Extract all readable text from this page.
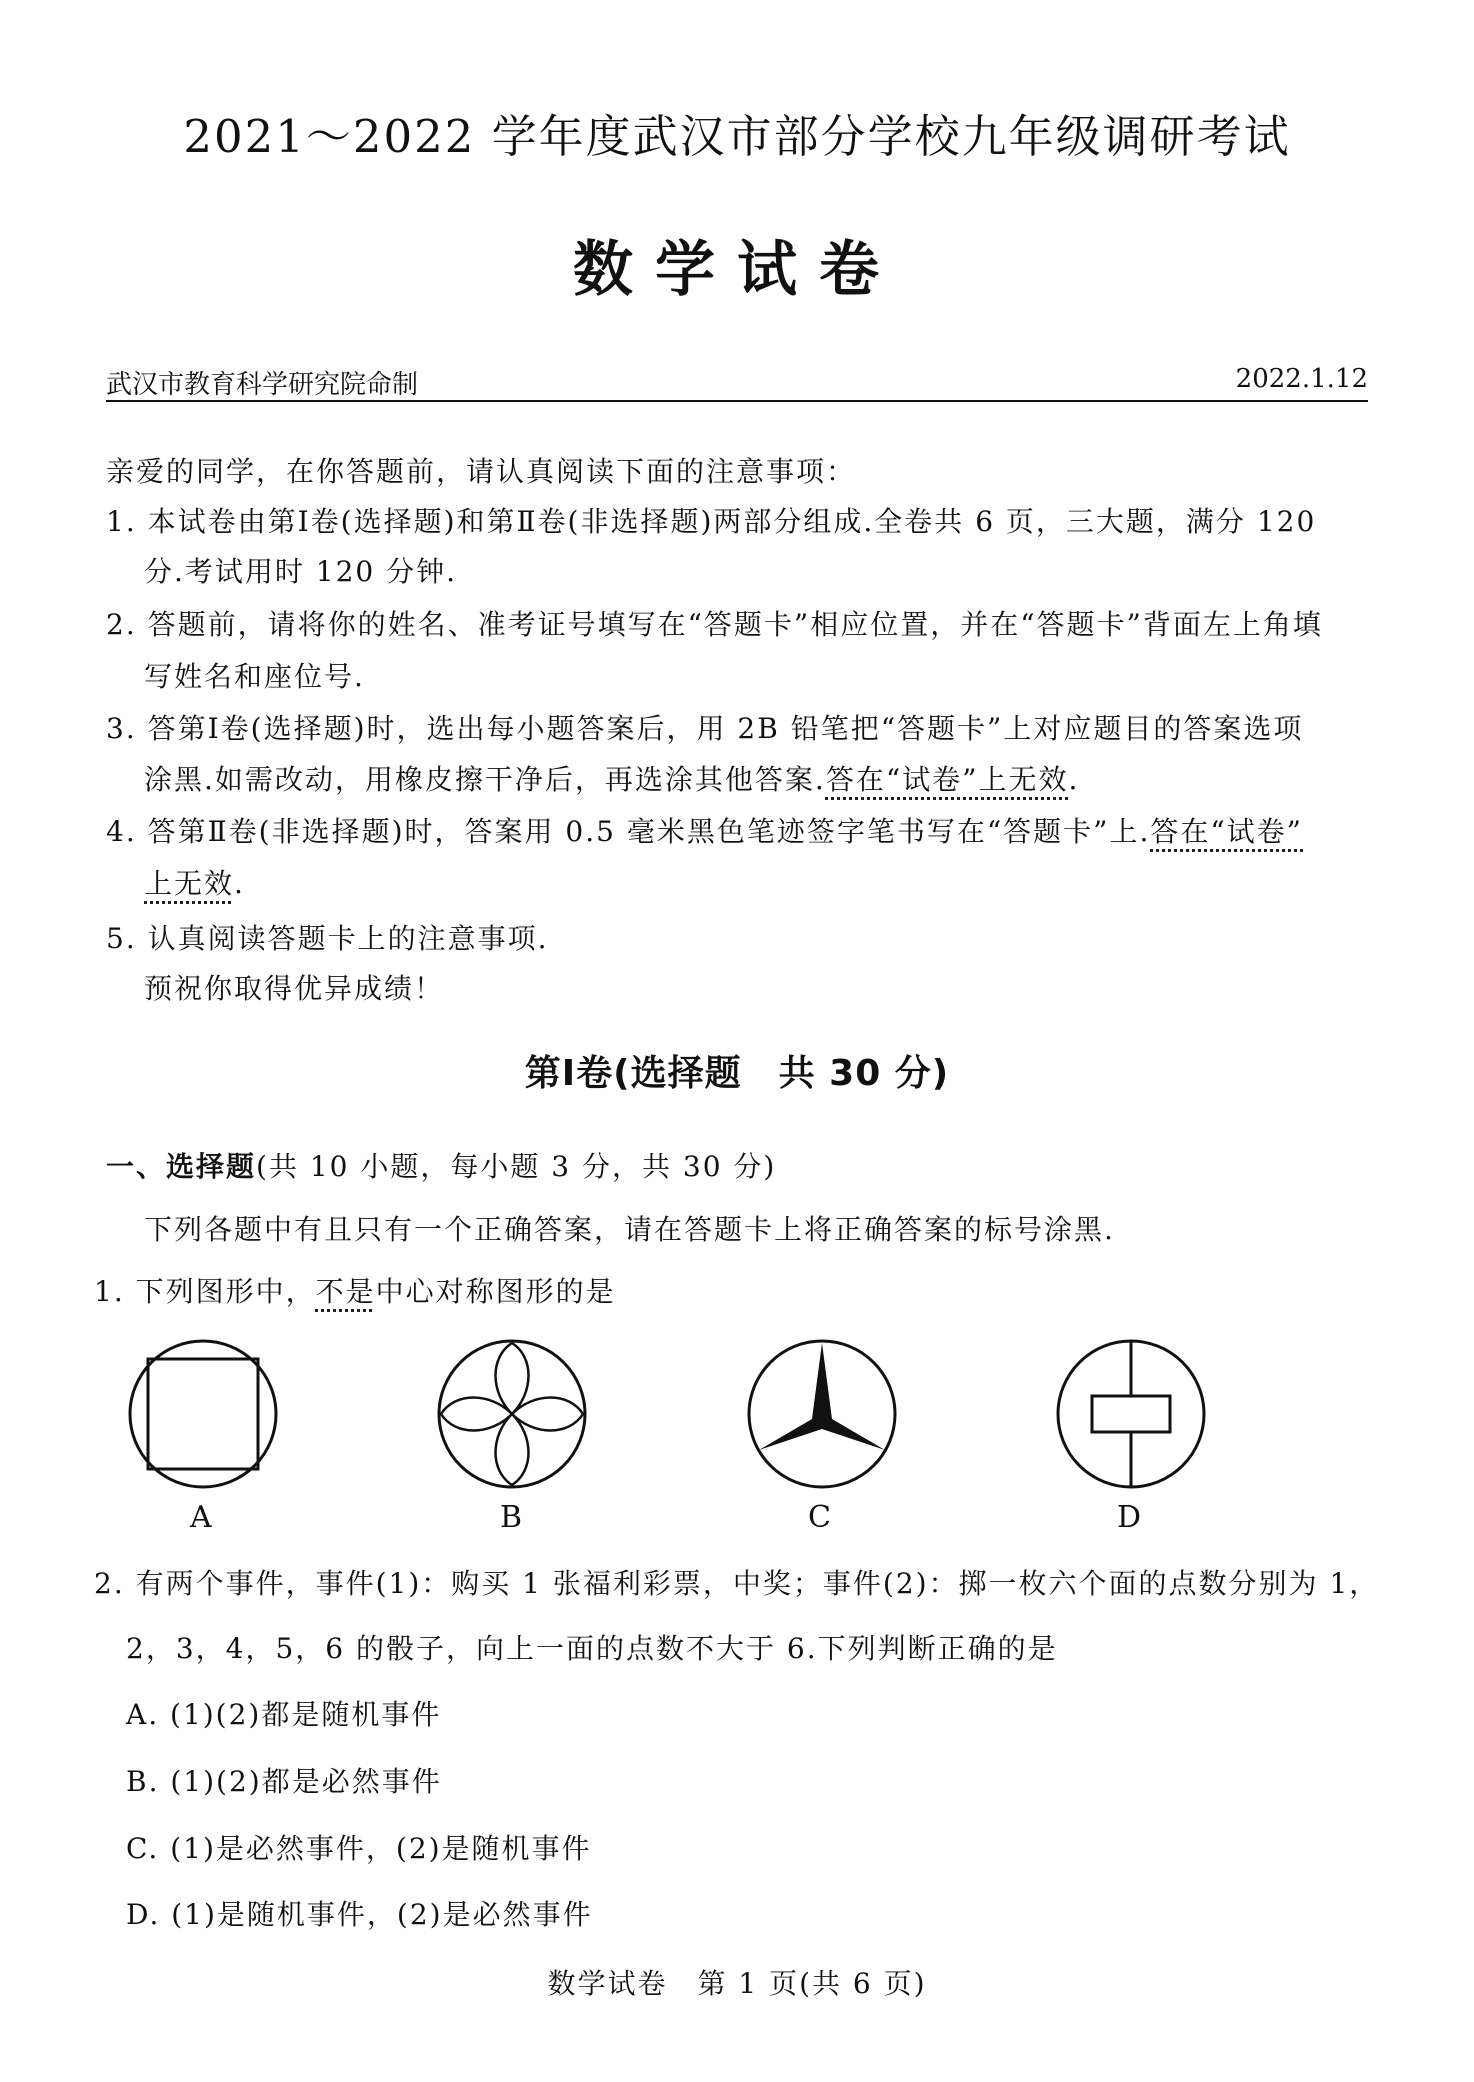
2021～2022 学年度武汉市部分学校九年级调研考试
数学试卷
武汉市教育科学研究院命制	2022.1.12
亲爱的同学，在你答题前，请认真阅读下面的注意事项：
1. 本试卷由第Ⅰ卷(选择题)和第Ⅱ卷(非选择题)两部分组成.全卷共 6 页，三大题，满分 120
分.考试用时 120 分钟.
2. 答题前，请将你的姓名、准考证号填写在“答题卡”相应位置，并在“答题卡”背面左上角填
写姓名和座位号.
3. 答第Ⅰ卷(选择题)时，选出每小题答案后，用 2B 铅笔把“答题卡”上对应题目的答案选项
涂黑.如需改动，用橡皮擦干净后，再选涂其他答案.答在“试卷”上无效.
4. 答第Ⅱ卷(非选择题)时，答案用 0.5 毫米黑色笔迹签字笔书写在“答题卡”上.答在“试卷”
上无效.
5. 认真阅读答题卡上的注意事项.
预祝你取得优异成绩！
第Ⅰ卷(选择题　共 30 分)
一、选择题(共 10 小题，每小题 3 分，共 30 分)
下列各题中有且只有一个正确答案，请在答题卡上将正确答案的标号涂黑.
1. 下列图形中，不是中心对称图形的是
A	B	C	D
2. 有两个事件，事件(1)：购买 1 张福利彩票，中奖；事件(2)：掷一枚六个面的点数分别为 1，
2，3，4，5，6 的骰子，向上一面的点数不大于 6.下列判断正确的是
A. (1)(2)都是随机事件
B. (1)(2)都是必然事件
C. (1)是必然事件，(2)是随机事件
D. (1)是随机事件，(2)是必然事件
数学试卷　第 1 页(共 6 页)
